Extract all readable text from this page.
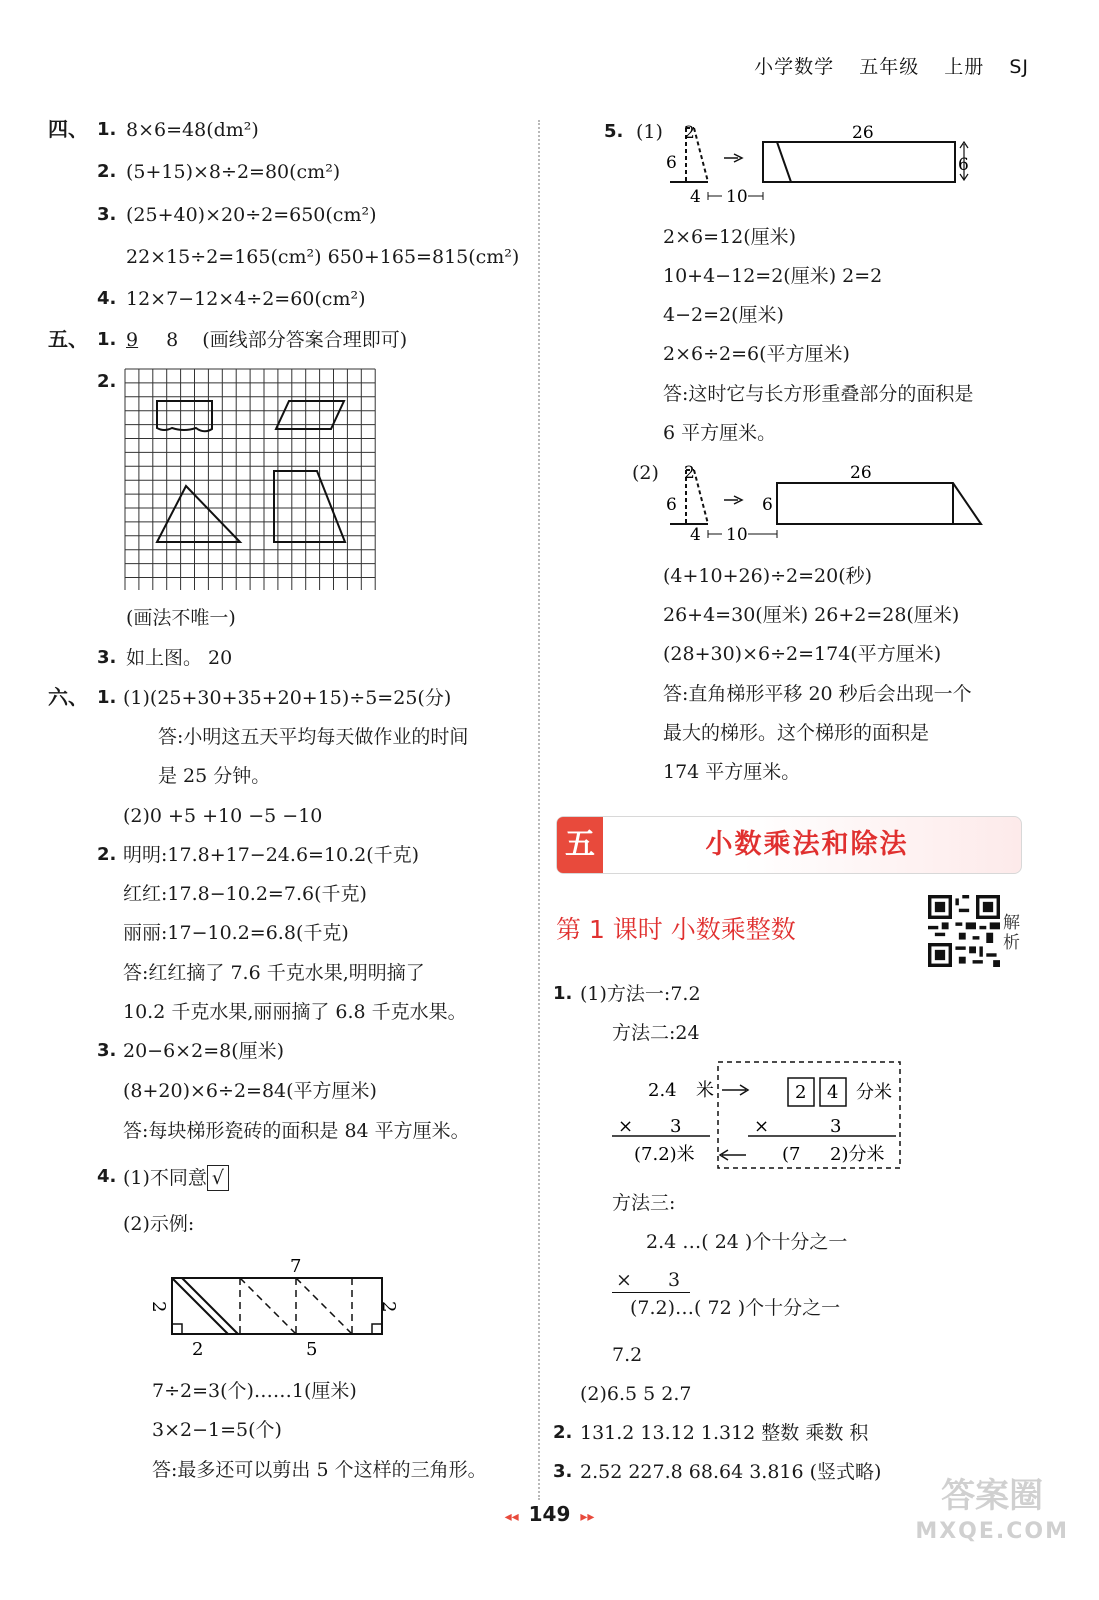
小学数学 五年级 上册 SJ
四、 1. 8×6=48(dm²)
2. (5+15)×8÷2=80(cm²)
3. (25+40)×20÷2=650(cm²)
22×15÷2=165(cm²) 650+165=815(cm²)
4. 12×7−12×4÷2=60(cm²)
五、 1. 9 8 (画线部分答案合理即可)
2.
(画法不唯一)
3. 如上图。 20
六、 1. (1)(25+30+35+20+15)÷5=25(分)
答:小明这五天平均每天做作业的时间
是 25 分钟。
(2)0 +5 +10 −5 −10
2. 明明:17.8+17−24.6=10.2(千克)
红红:17.8−10.2=7.6(千克)
丽丽:17−10.2=6.8(千克)
答:红红摘了 7.6 千克水果,明明摘了
10.2 千克水果,丽丽摘了 6.8 千克水果。
3. 20−6×2=8(厘米)
(8+20)×6÷2=84(平方厘米)
答:每块梯形瓷砖的面积是 84 平方厘米。
4. (1)不同意 √
(2)示例:
7
2	2
2	5
7÷2=3(个)……1(厘米)
3×2−1=5(个)
答:最多还可以剪出 5 个这样的三角形。
5. (1) 2
6
4 10
26
6
2×6=12(厘米)
10+4−12=2(厘米) 2=2
4−2=2(厘米)
2×6÷2=6(平方厘米)
答:这时它与长方形重叠部分的面积是
6 平方厘米。
(2) 2
6
4 10
26
6
(4+10+26)÷2=20(秒)
26+4=30(厘米) 26+2=28(厘米)
(28+30)×6÷2=174(平方厘米)
答:直角梯形平移 20 秒后会出现一个
最大的梯形。这个梯形的面积是
174 平方厘米。
五	小数乘法和除法
第 1 课时 小数乘整数	解析
1. (1)方法一:7.2
方法二:24
2.4 米	2 4 分米
× 3	×	3
(7.2)米	(7 2)分米
方法三:
2.4 …( 24 )个十分之一
× 3
(7.2)…( 72 )个十分之一
7.2
(2)6.5 5 2.7
2. 131.2 13.12 1.312 整数 乘数 积
3. 2.52 227.8 68.64 3.816 (竖式略)
◂◂ 149 ▸▸
答案圈
MXQE.COM
